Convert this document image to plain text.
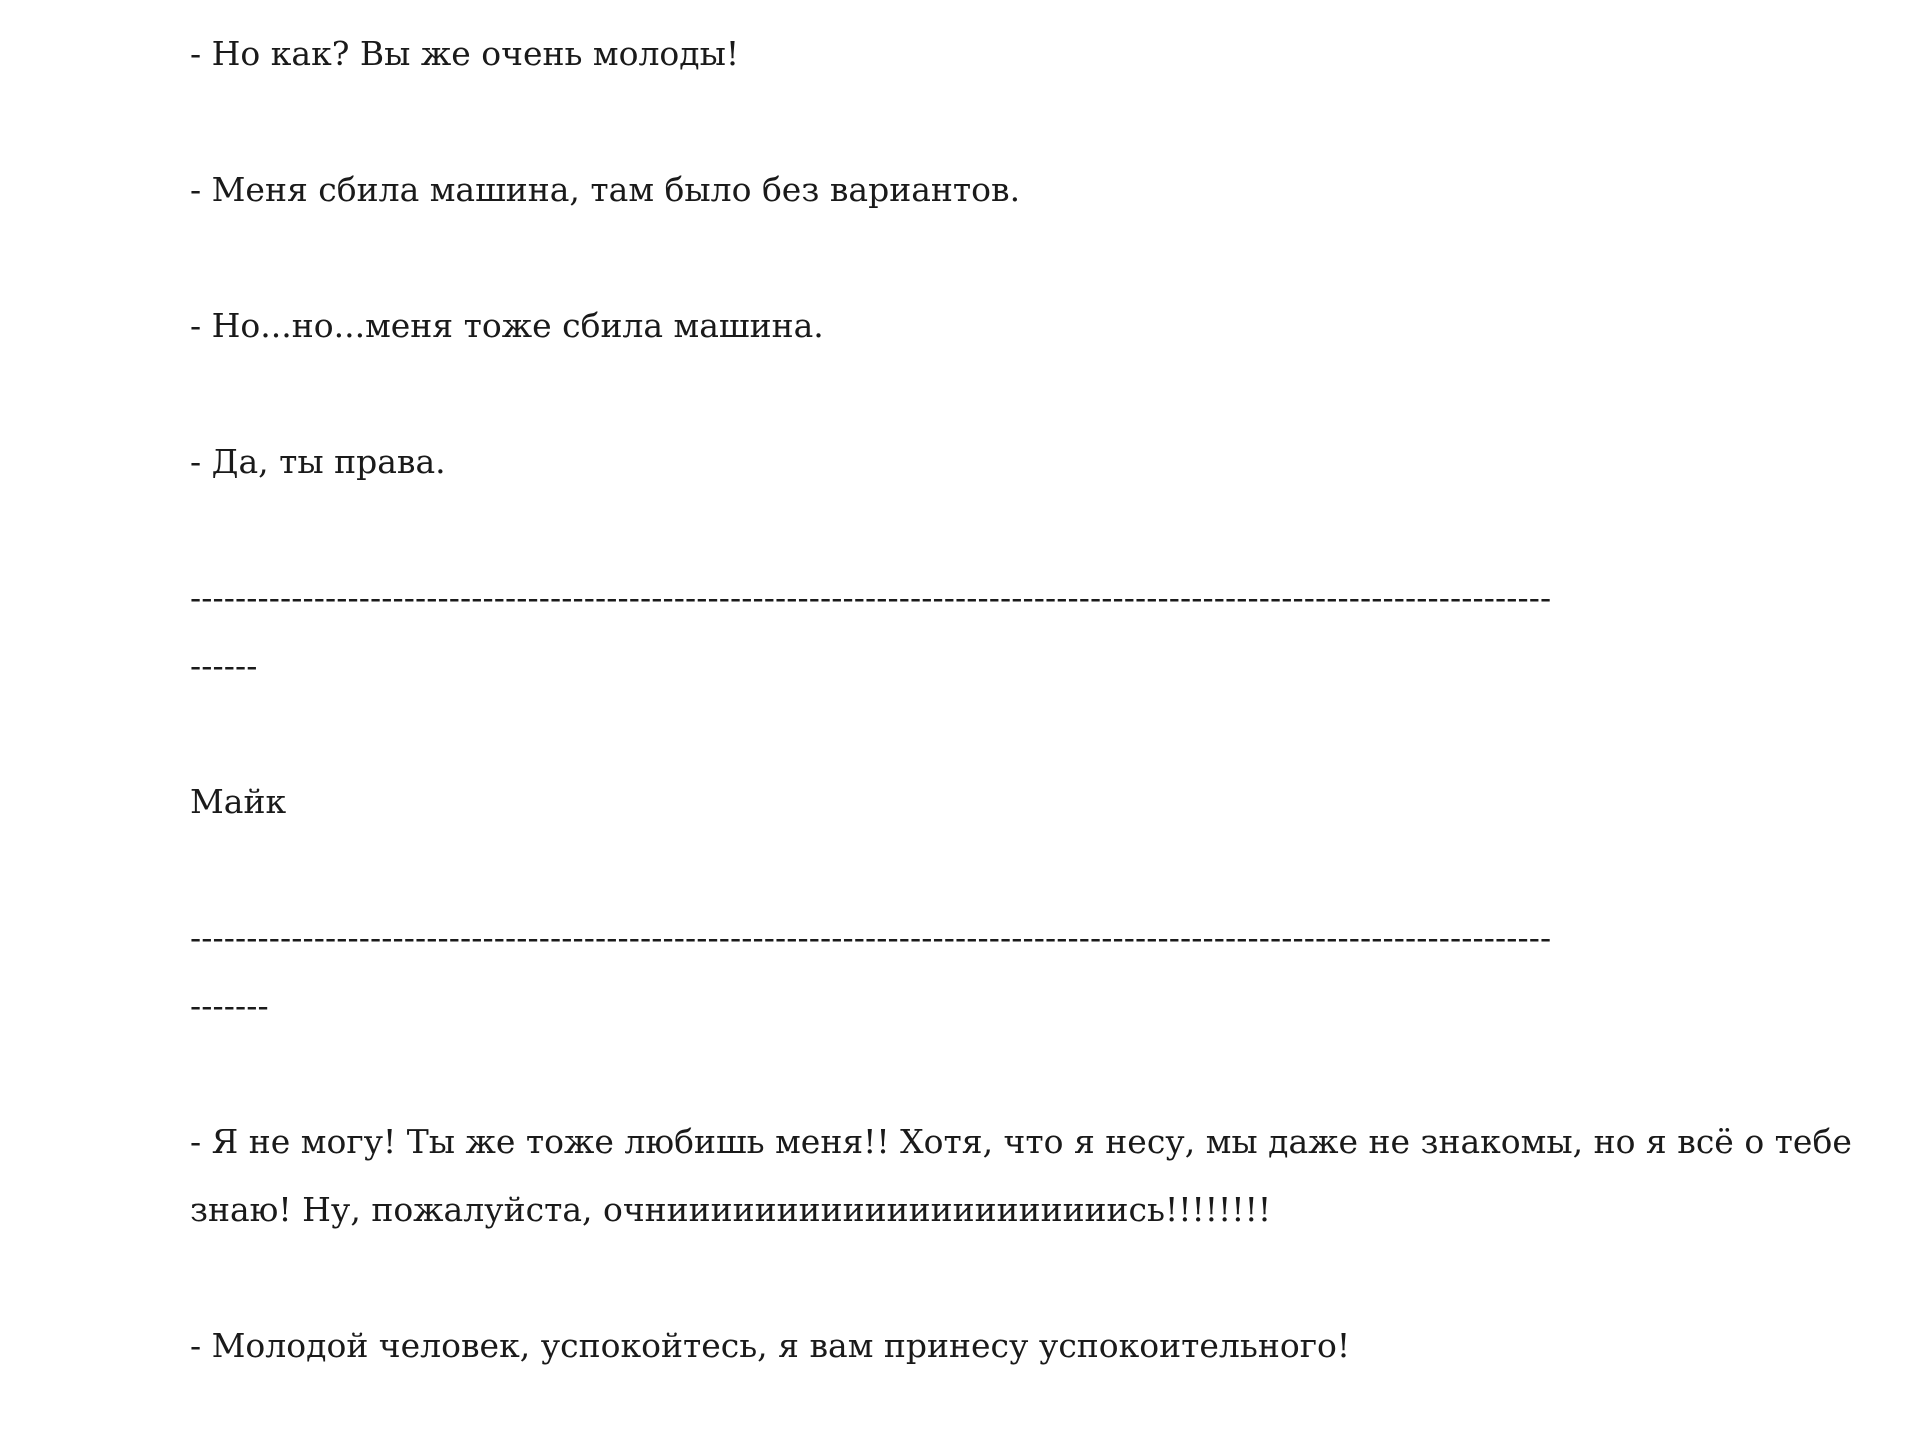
- Но как? Вы же очень молоды!
- Меня сбила машина, там было без вариантов.
- Но...но...меня тоже сбила машина.
- Да, ты права.
-------------------------------------------------------------------------------------------------------------------------
------
Майк
-------------------------------------------------------------------------------------------------------------------------
-------
- Я не могу! Ты же тоже любишь меня!! Хотя, что я несу, мы даже не знакомы, но я всё о тебе
знаю! Ну, пожалуйста, очнииииииииииииииииииииись!!!!!!!!
- Молодой человек, успокойтесь, я вам принесу успокоительного!
